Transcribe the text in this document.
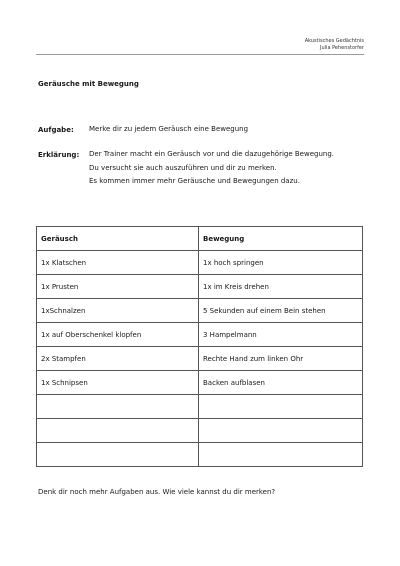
Akustisches Gedächtnis
Julia Pehenstorfer
Geräusche mit Bewegung
Aufgabe: Merke dir zu jedem Geräusch eine Bewegung
Erklärung: Der Trainer macht ein Geräusch vor und die dazugehörige Bewegung.
Du versucht sie auch auszuführen und dir zu merken.
Es kommen immer mehr Geräusche und Bewegungen dazu.
Geräusch	Bewegung
1x Klatschen	1x hoch springen
1x Prusten	1x im Kreis drehen
1xSchnalzen	5 Sekunden auf einem Bein stehen
1x auf Oberschenkel klopfen	3 Hampelmann
2x Stampfen	Rechte Hand zum linken Ohr
1x Schnipsen	Backen aufblasen

Denk dir noch mehr Aufgaben aus. Wie viele kannst du dir merken?
